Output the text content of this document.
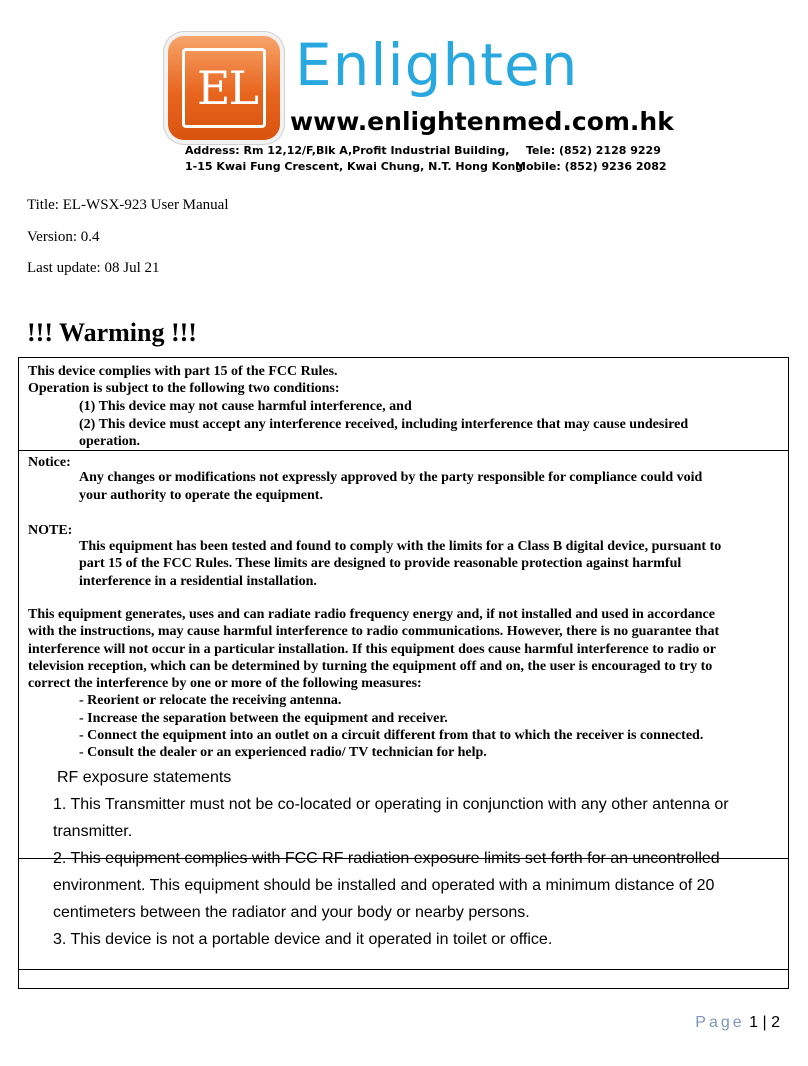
EL Enlighten
www.enlightenmed.com.hk
Address: Rm 12,12/F,Blk A,Profit Industrial Building,
1-15 Kwai Fung Crescent, Kwai Chung, N.T. Hong Kong
Tele: (852) 2128 9229
Mobile: (852) 9236 2082
Title: EL-WSX-923 User Manual
Version: 0.4
Last update: 08 Jul 21
!!! Warming !!!
This device complies with part 15 of the FCC Rules.
Operation is subject to the following two conditions:
(1) This device may not cause harmful interference, and
(2) This device must accept any interference received, including interference that may cause undesired
operation.
Notice:
Any changes or modifications not expressly approved by the party responsible for compliance could void
your authority to operate the equipment.
NOTE:
This equipment has been tested and found to comply with the limits for a Class B digital device, pursuant to
part 15 of the FCC Rules. These limits are designed to provide reasonable protection against harmful
interference in a residential installation.
This equipment generates, uses and can radiate radio frequency energy and, if not installed and used in accordance
with the instructions, may cause harmful interference to radio communications. However, there is no guarantee that
interference will not occur in a particular installation. If this equipment does cause harmful interference to radio or
television reception, which can be determined by turning the equipment off and on, the user is encouraged to try to
correct the interference by one or more of the following measures:
- Reorient or relocate the receiving antenna.
- Increase the separation between the equipment and receiver.
- Connect the equipment into an outlet on a circuit different from that to which the receiver is connected.
- Consult the dealer or an experienced radio/ TV technician for help.
RF exposure statements
1. This Transmitter must not be co-located or operating in conjunction with any other antenna or
transmitter.
2. This equipment complies with FCC RF radiation exposure limits set forth for an uncontrolled
environment. This equipment should be installed and operated with a minimum distance of 20
centimeters between the radiator and your body or nearby persons.
3. This device is not a portable device and it operated in toilet or office.
Page 1 | 2
